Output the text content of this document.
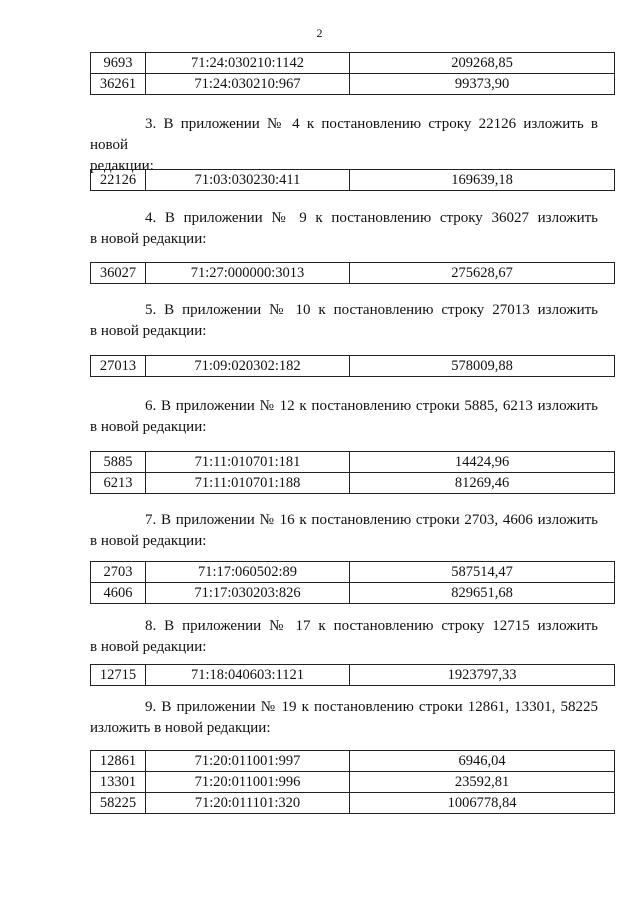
2
9693	71:24:030210:1142	209268,85
36261	71:24:030210:967	99373,90

3. В приложении № 4 к постановлению строку 22126 изложить в новой

редакции:

22126	71:03:030230:411	169639,18

4. В приложении № 9 к постановлению строку 36027 изложить

в новой редакции:

36027	71:27:000000:3013	275628,67

5. В приложении № 10 к постановлению строку 27013 изложить

в новой редакции:

27013	71:09:020302:182	578009,88

6. В приложении № 12 к постановлению строки 5885, 6213 изложить

в новой редакции:

5885	71:11:010701:181	14424,96
6213	71:11:010701:188	81269,46

7. В приложении № 16 к постановлению строки 2703, 4606 изложить

в новой редакции:

2703	71:17:060502:89	587514,47
4606	71:17:030203:826	829651,68

8. В приложении № 17 к постановлению строку 12715 изложить

в новой редакции:

12715	71:18:040603:1121	1923797,33

9. В приложении № 19 к постановлению строки 12861, 13301, 58225

изложить в новой редакции:

12861	71:20:011001:997	6946,04
13301	71:20:011001:996	23592,81
58225	71:20:011101:320	1006778,84
